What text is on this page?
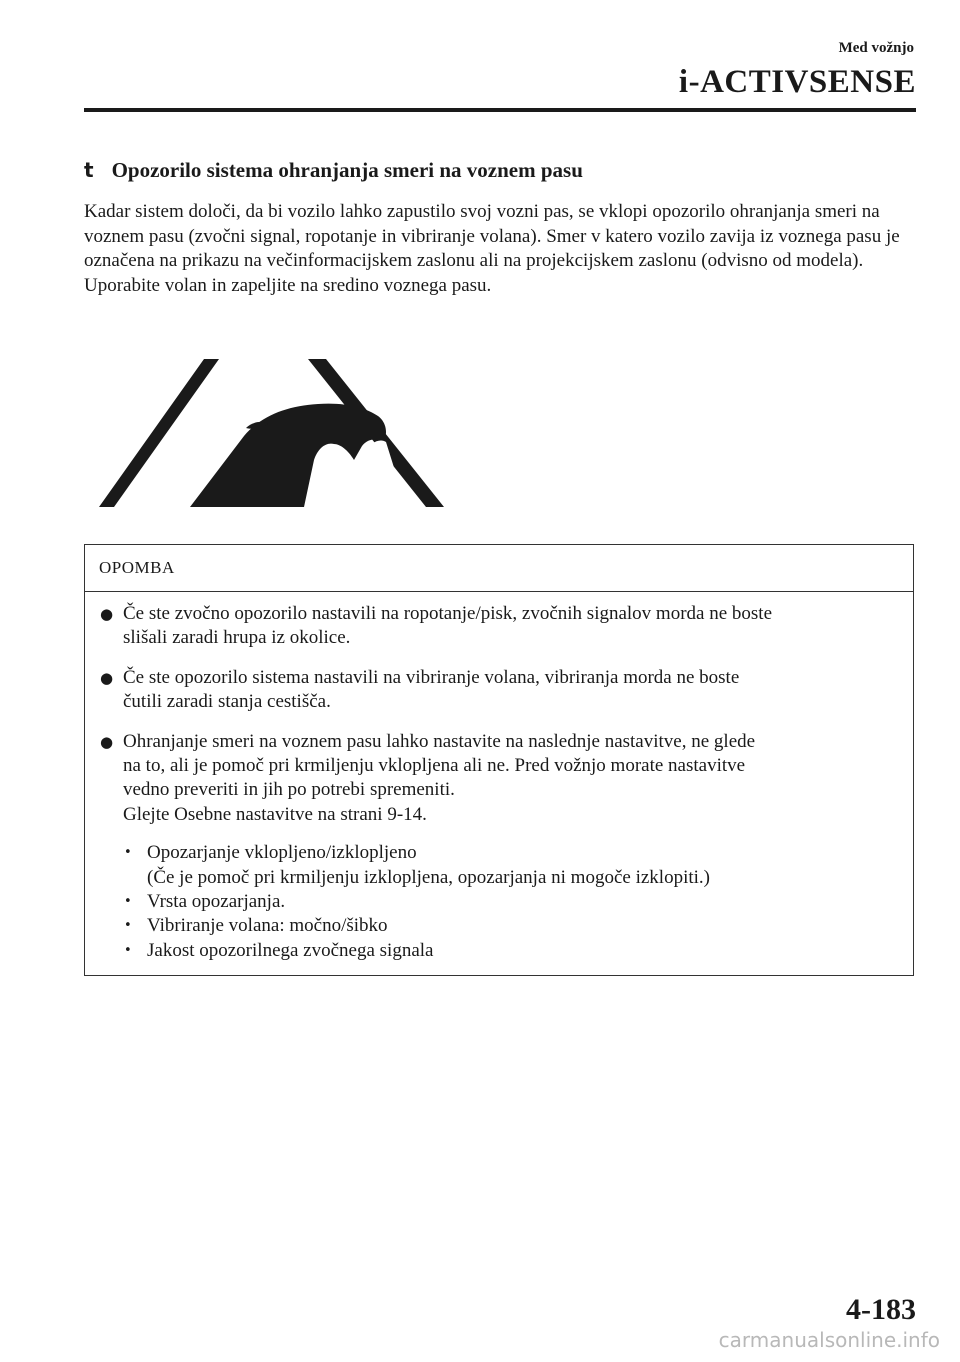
Med vožnjo
i-ACTIVSENSE
t Opozorilo sistema ohranjanja smeri na voznem pasu
Kadar sistem določi, da bi vozilo lahko zapustilo svoj vozni pas, se vklopi opozorilo ohranjanja smeri na voznem pasu (zvočni signal, ropotanje in vibriranje volana). Smer v katero vozilo zavija iz voznega pasu je označena na prikazu na večinformacijskem zaslonu ali na projekcijskem zaslonu (odvisno od modela). Uporabite volan in zapeljite na sredino voznega pasu.
OPOMBA
● Če ste zvočno opozorilo nastavili na ropotanje/pisk, zvočnih signalov morda ne boste
slišali zaradi hrupa iz okolice.
● Če ste opozorilo sistema nastavili na vibriranje volana, vibriranja morda ne boste
čutili zaradi stanja cestišča.
● Ohranjanje smeri na voznem pasu lahko nastavite na naslednje nastavitve, ne glede
na to, ali je pomoč pri krmiljenju vklopljena ali ne. Pred vožnjo morate nastavitve
vedno preveriti in jih po potrebi spremeniti.
Glejte Osebne nastavitve na strani 9-14.
• Opozarjanje vklopljeno/izklopljeno
(Če je pomoč pri krmiljenju izklopljena, opozarjanja ni mogoče izklopiti.)
• Vrsta opozarjanja.
• Vibriranje volana: močno/šibko
• Jakost opozorilnega zvočnega signala
4-183
carmanualsonline.info
